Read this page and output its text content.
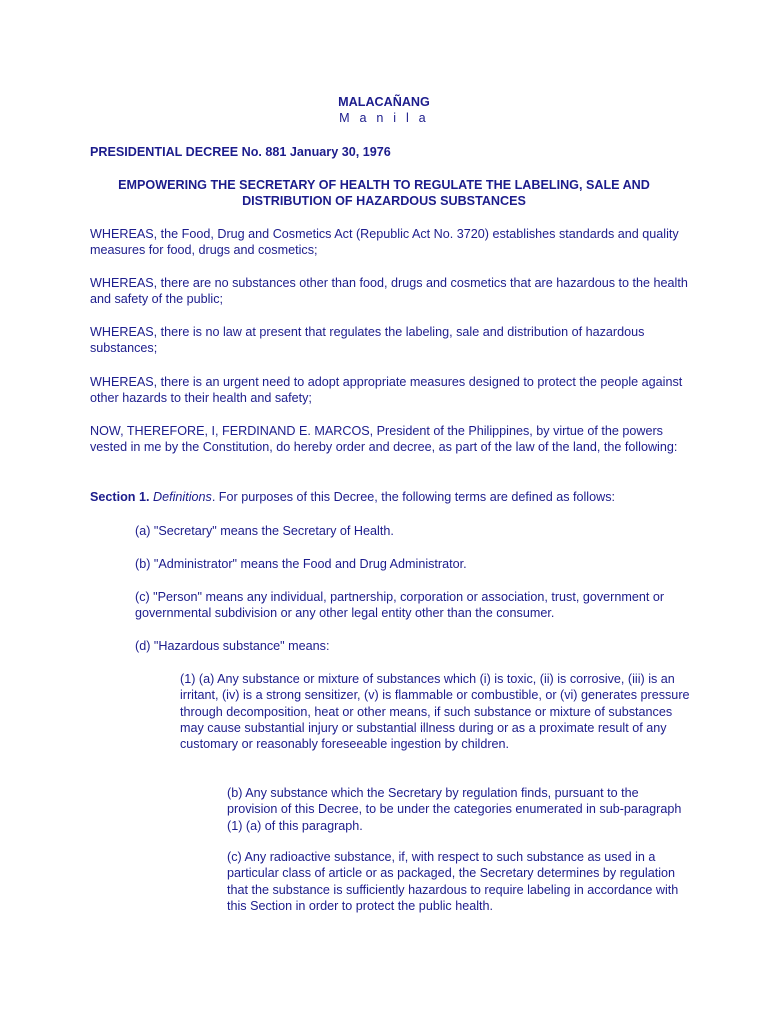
MALACAÑANG
M a n i l a
PRESIDENTIAL DECREE No. 881 January 30, 1976
EMPOWERING THE SECRETARY OF HEALTH TO REGULATE THE LABELING, SALE AND
DISTRIBUTION OF HAZARDOUS SUBSTANCES

WHEREAS, the Food, Drug and Cosmetics Act (Republic Act No. 3720) establishes standards and quality measures for food, drugs and cosmetics;

WHEREAS, there are no substances other than food, drugs and cosmetics that are hazardous to the health and safety of the public;

WHEREAS, there is no law at present that regulates the labeling, sale and distribution of hazardous substances;

WHEREAS, there is an urgent need to adopt appropriate measures designed to protect the people against other hazards to their health and safety;

NOW, THEREFORE, I, FERDINAND E. MARCOS, President of the Philippines, by virtue of the powers vested in me by the Constitution, do hereby order and decree, as part of the law of the land, the following:

Section 1. Definitions. For purposes of this Decree, the following terms are defined as follows:

(a) "Secretary" means the Secretary of Health.

(b) "Administrator" means the Food and Drug Administrator.

(c) "Person" means any individual, partnership, corporation or association, trust, government or governmental subdivision or any other legal entity other than the consumer.

(d) "Hazardous substance" means:

(1) (a) Any substance or mixture of substances which (i) is toxic, (ii) is corrosive, (iii) is an irritant, (iv) is a strong sensitizer, (v) is flammable or combustible, or (vi) generates pressure through decomposition, heat or other means, if such substance or mixture of substances may cause substantial injury or substantial illness during or as a proximate result of any customary or reasonably foreseeable ingestion by children.

(b) Any substance which the Secretary by regulation finds, pursuant to the provision of this Decree, to be under the categories enumerated in sub-paragraph (1) (a) of this paragraph.

(c) Any radioactive substance, if, with respect to such substance as used in a particular class of article or as packaged, the Secretary determines by regulation that the substance is sufficiently hazardous to require labeling in accordance with this Section in order to protect the public health.
